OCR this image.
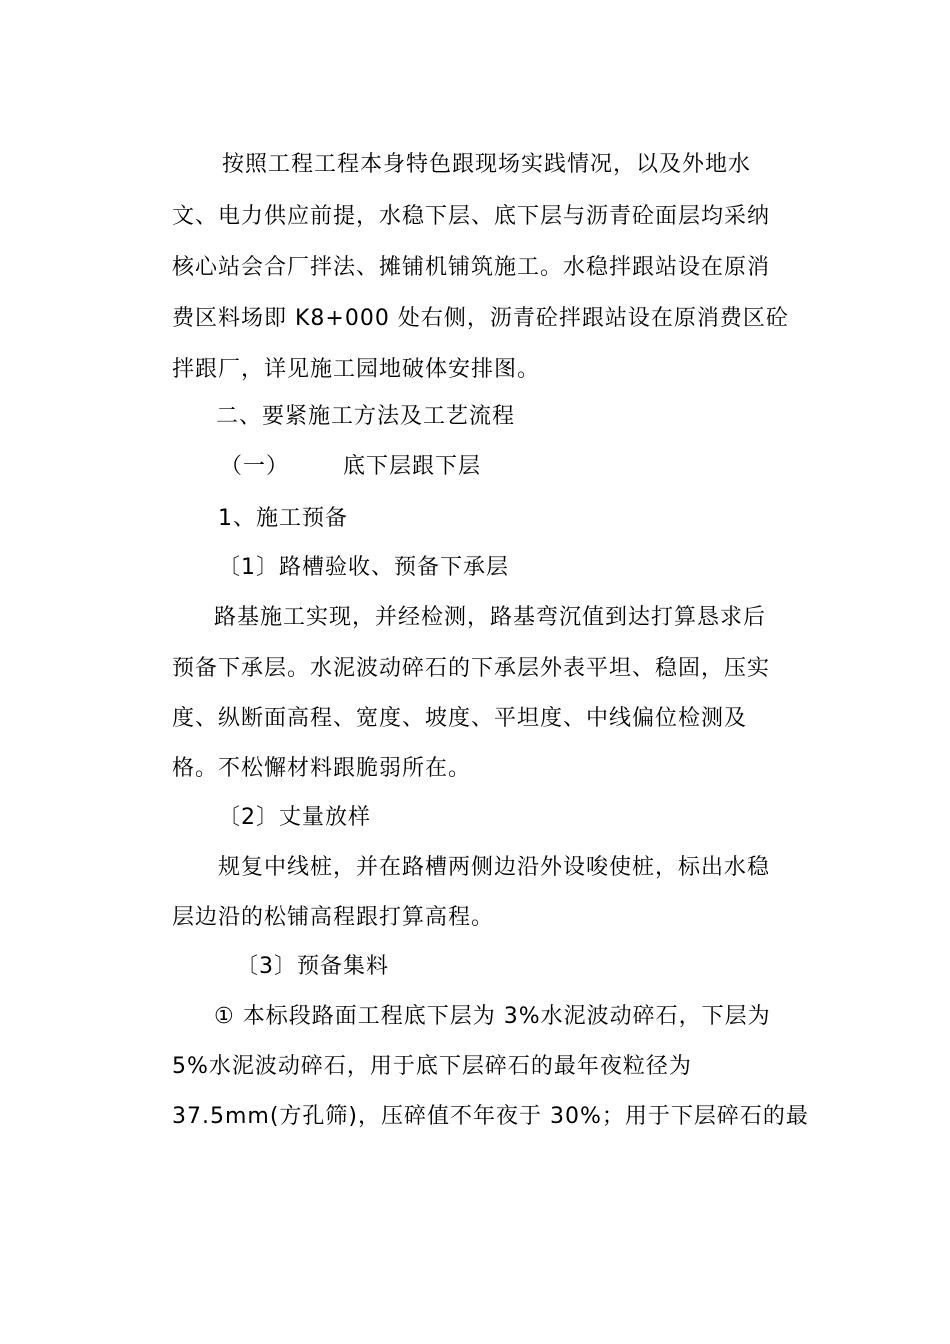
按照工程工程本身特色跟现场实践情况，以及外地水
文、电力供应前提，水稳下层、底下层与沥青砼面层均采纳
核心站会合厂拌法、摊铺机铺筑施工。水稳拌跟站设在原消
费区料场即 K8+000 处右侧，沥青砼拌跟站设在原消费区砼
拌跟厂，详见施工园地破体安排图。
二、要紧施工方法及工艺流程
（一） 底下层跟下层
1、施工预备
〔1〕路槽验收、预备下承层
路基施工实现，并经检测，路基弯沉值到达打算恳求后
预备下承层。水泥波动碎石的下承层外表平坦、稳固，压实
度、纵断面高程、宽度、坡度、平坦度、中线偏位检测及
格。不松懈材料跟脆弱所在。
〔2〕丈量放样
规复中线桩，并在路槽两侧边沿外设唆使桩，标出水稳
层边沿的松铺高程跟打算高程。
〔3〕预备集料
① 本标段路面工程底下层为 3%水泥波动碎石，下层为
5%水泥波动碎石，用于底下层碎石的最年夜粒径为
37.5mm(方孔筛)，压碎值不年夜于 30%；用于下层碎石的最
